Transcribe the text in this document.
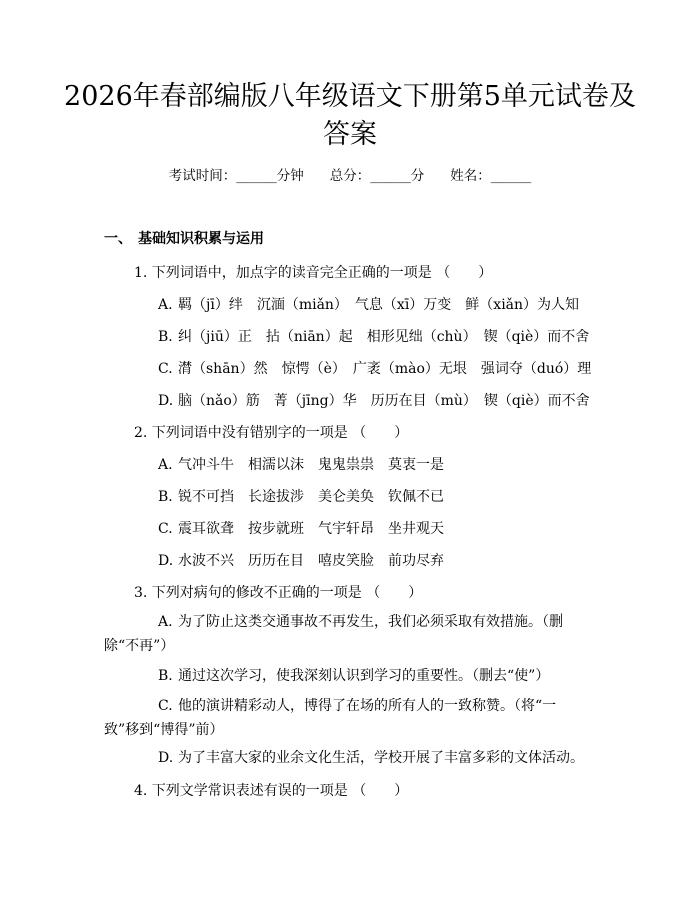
2026年春部编版八年级语文下册第5单元试卷及答案
考试时间：______分钟 总分：______分 姓名：______
一、 基础知识积累与运用
1. 下列词语中，加点字的读音完全正确的一项是 （　　）
A. 羁（jī）绊　沉湎（miǎn）　气息（xī）万变　鲜（xiǎn）为人知
B. 纠（jiū）正　拈（niān）起　相形见绌（chù）　锲（qiè）而不舍
C. 潸（shān）然　惊愕（è）　广袤（mào）无垠　强词夺（duó）理
D. 脑（nǎo）筋　菁（jīng）华　历历在目（mù）　锲（qiè）而不舍
2. 下列词语中没有错别字的一项是 （　　）
A. 气冲斗牛　相濡以沫　鬼鬼祟祟　莫衷一是
B. 锐不可挡　长途拔涉　美仑美奂　钦佩不已
C. 震耳欲聋　按步就班　气宇轩昂　坐井观天
D. 水波不兴　历历在目　嘻皮笑脸　前功尽弃
3. 下列对病句的修改不正确的一项是 （　　）
A. 为了防止这类交通事故不再发生，我们必须采取有效措施。（删除“不再”）
B. 通过这次学习，使我深刻认识到学习的重要性。（删去“使”）
C. 他的演讲精彩动人，博得了在场的所有人的一致称赞。（将“一致”移到“博得”前）
D. 为了丰富大家的业余文化生活，学校开展了丰富多彩的文体活动。
4. 下列文学常识表述有误的一项是 （　　）
